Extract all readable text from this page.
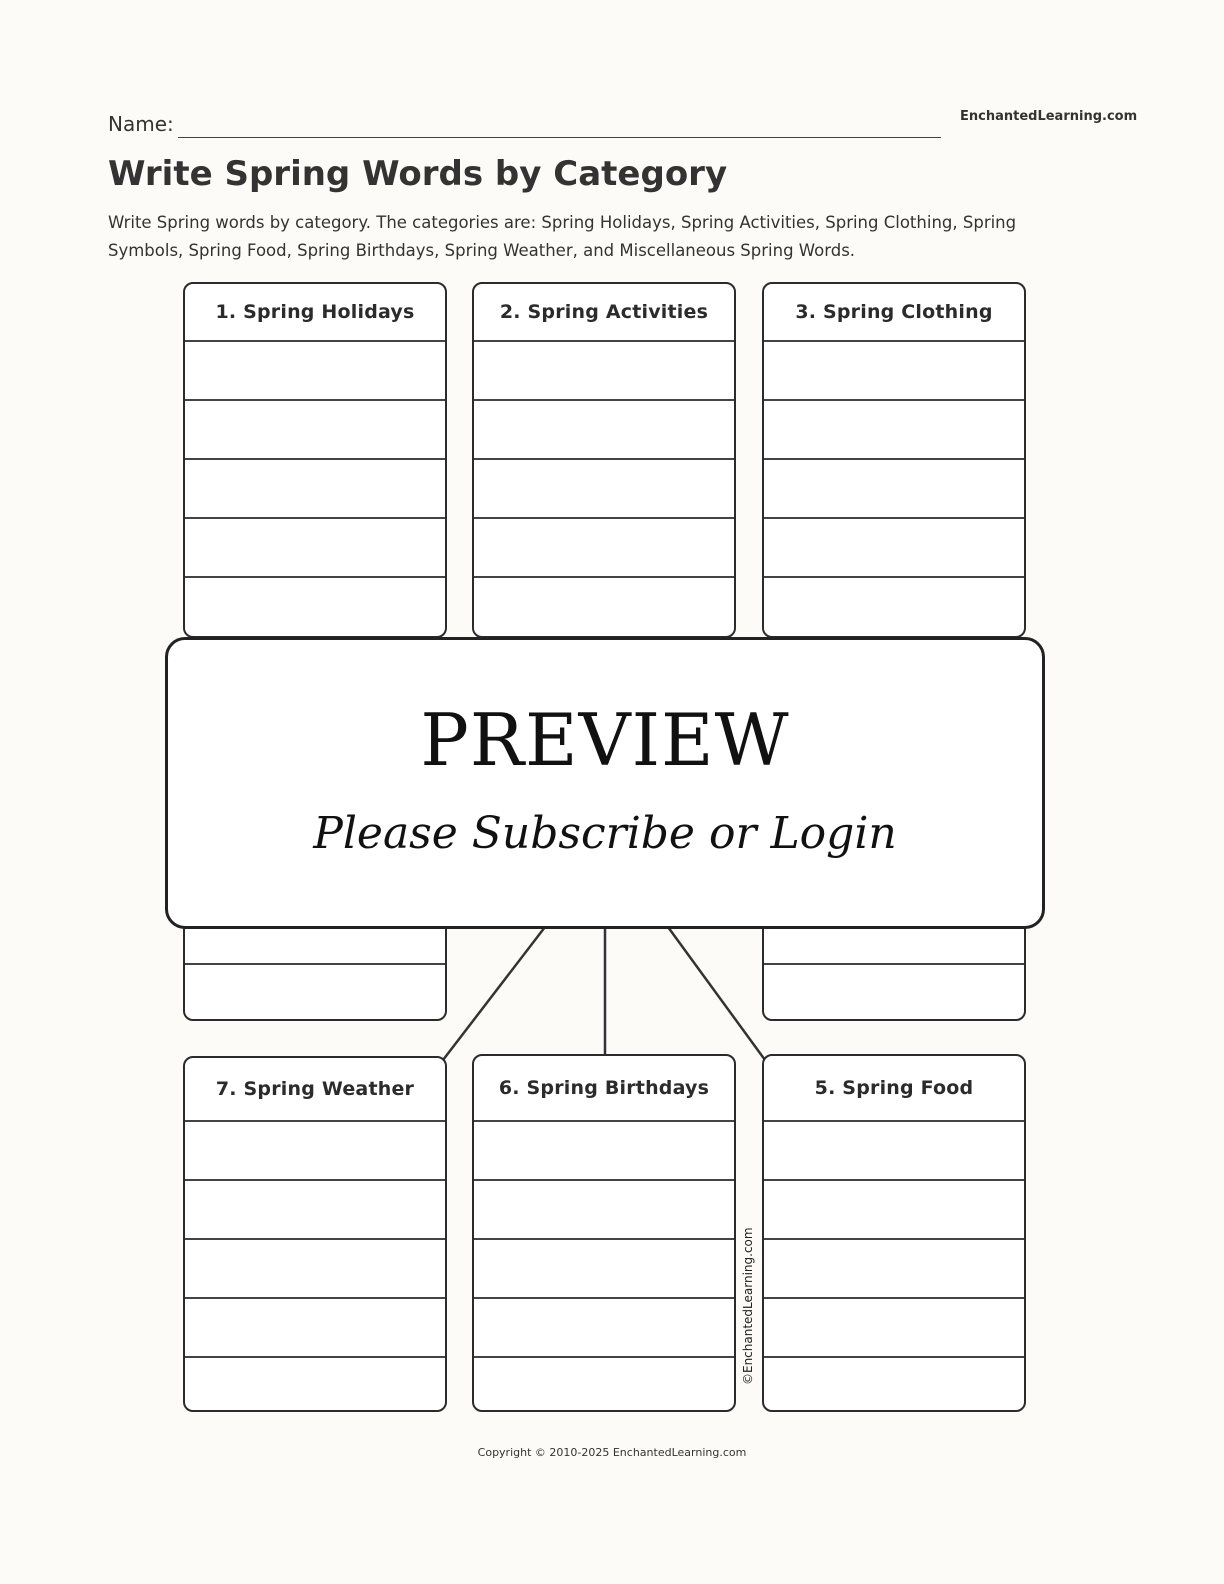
Name:	EnchantedLearning.com
Write Spring Words by Category

Write Spring words by category. The categories are: Spring Holidays, Spring Activities, Spring Clothing, Spring Symbols, Spring Food, Spring Birthdays, Spring Weather, and Miscellaneous Spring Words.

1. Spring Holidays	2. Spring Activities	3. Spring Clothing
7. Spring Weather	6. Spring Birthdays	5. Spring Food
PREVIEW
Please Subscribe or Login
©EnchantedLearning.com
Copyright © 2010-2025 EnchantedLearning.com
